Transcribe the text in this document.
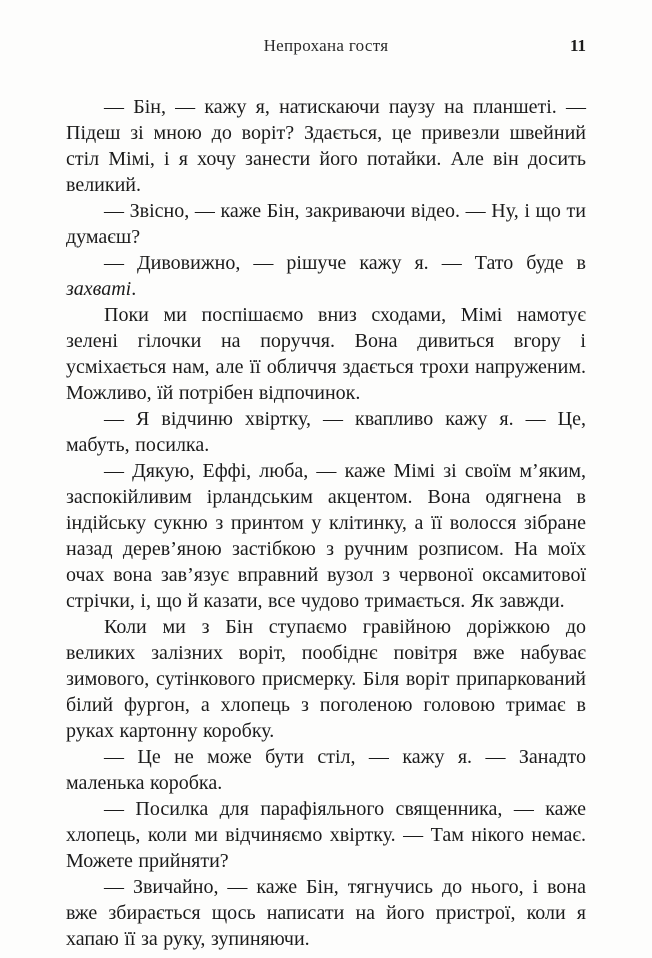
Непрохана гостя	11

— Бін, — кажу я, натискаючи паузу на планшеті. — Підеш зі мною до воріт? Здається, це привезли швейний стіл Мімі, і я хочу занести його потайки. Але він досить великий.

— Звісно, — каже Бін, закриваючи відео. — Ну, і що ти думаєш?

— Дивовижно, — рішуче кажу я. — Тато буде в захваті.

Поки ми поспішаємо вниз сходами, Мімі намотує зелені гілочки на поруччя. Вона дивиться вгору і усміхається нам, але її обличчя здається трохи напруженим. Можливо, їй потрібен відпочинок.

— Я відчиню хвіртку, — квапливо кажу я. — Це, мабуть, посилка.

— Дякую, Еффі, люба, — каже Мімі зі своїм м’яким, заспокійливим ірландським акцентом. Вона одягнена в індійську сукню з принтом у клітинку, а її волосся зібране назад дерев’яною застібкою з ручним розписом. На моїх очах вона зав’язує вправний вузол з червоної оксамитової стрічки, і, що й казати, все чудово тримається. Як завжди.

Коли ми з Бін ступаємо гравійною доріжкою до великих залізних воріт, пообіднє повітря вже набуває зимового, сутінкового присмерку. Біля воріт припаркований білий фургон, а хлопець з поголеною головою тримає в руках картонну коробку.

— Це не може бути стіл, — кажу я. — Занадто маленька коробка.

— Посилка для парафіяльного священника, — каже хлопець, коли ми відчиняємо хвіртку. — Там нікого немає. Можете прийняти?

— Звичайно, — каже Бін, тягнучись до нього, і вона вже збирається щось написати на його пристрої, коли я хапаю її за руку, зупиняючи.
